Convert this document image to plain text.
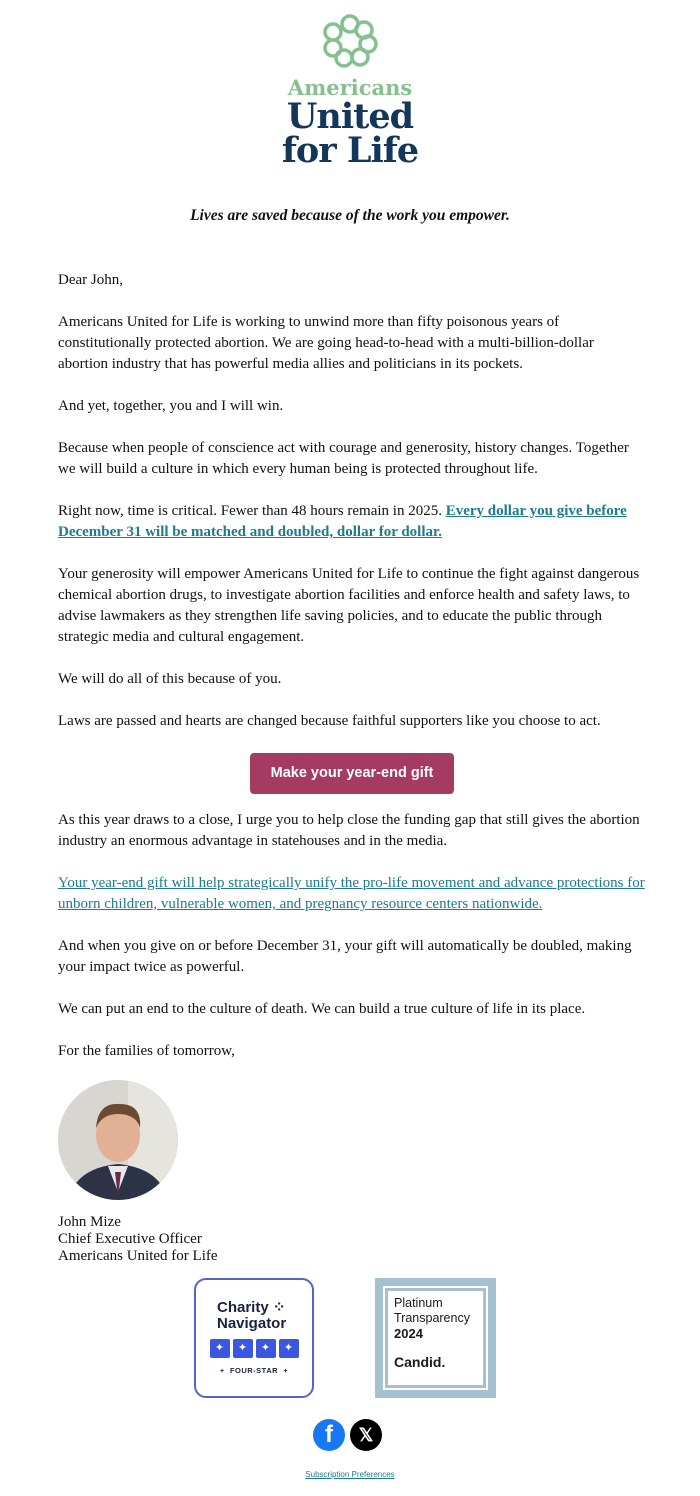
Americans
United
for Life
Lives are saved because of the work you empower.

Dear John,

Americans United for Life is working to unwind more than fifty poisonous years of constitutionally protected abortion. We are going head-to-head with a multi-billion-dollar abortion industry that has powerful media allies and politicians in its pockets.

And yet, together, you and I will win.

Because when people of conscience act with courage and generosity, history changes. Together we will build a culture in which every human being is protected throughout life.

Right now, time is critical. Fewer than 48 hours remain in 2025. Every dollar you give before December 31 will be matched and doubled, dollar for dollar.

Your generosity will empower Americans United for Life to continue the fight against dangerous chemical abortion drugs, to investigate abortion facilities and enforce health and safety laws, to advise lawmakers as they strengthen life saving policies, and to educate the public through strategic media and cultural engagement.

We will do all of this because of you.

Laws are passed and hearts are changed because faithful supporters like you choose to act.

Make your year-end gift

As this year draws to a close, I urge you to help close the funding gap that still gives the abortion industry an enormous advantage in statehouses and in the media.

Your year-end gift will help strategically unify the pro-life movement and advance protections for unborn children, vulnerable women, and pregnancy resource centers nationwide.

And when you give on or before December 31, your gift will automatically be doubled, making your impact twice as powerful.

We can put an end to the culture of death. We can build a true culture of life in its place.

For the families of tomorrow,

John Mize
Chief Executive Officer
Americans United for Life
Charity ⁘
Navigator
✦	✦	✦	✦
+  FOUR-STAR  +
Platinum
Transparency
2024
Candid.
f	𝕏
Subscription Preferences
